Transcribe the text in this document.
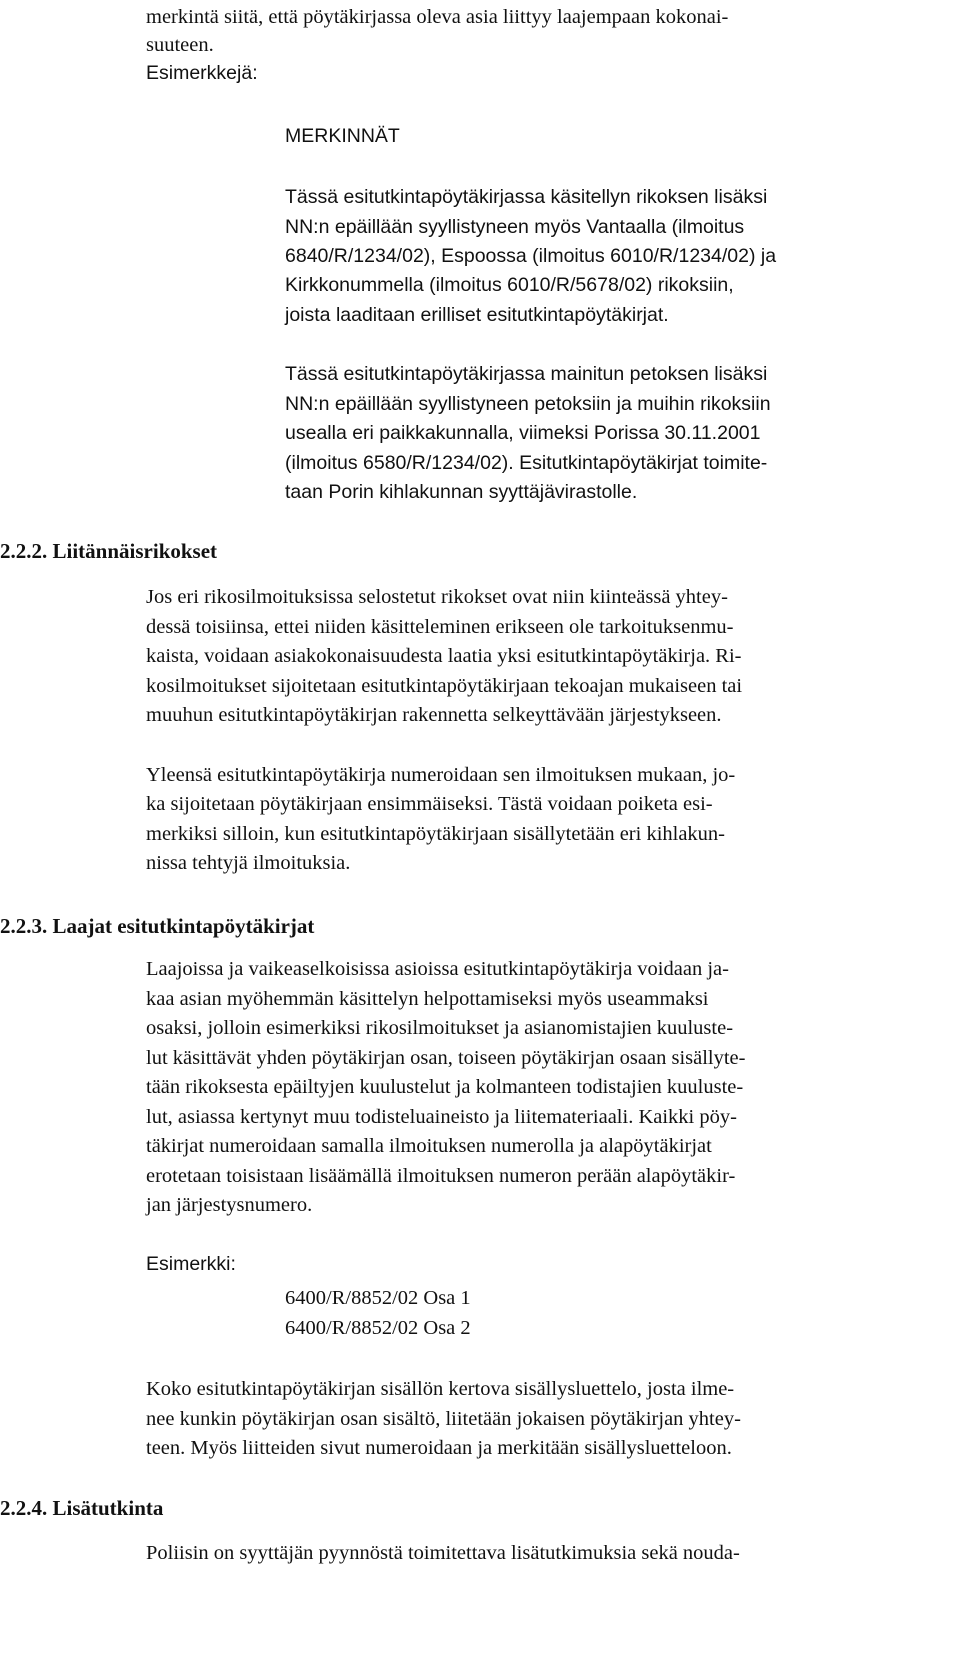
merkintä siitä, että pöytäkirjassa oleva asia liittyy laajempaan kokonai-
suuteen.
Esimerkkejä:
MERKINNÄT
Tässä esitutkintapöytäkirjassa käsitellyn rikoksen lisäksi
NN:n epäillään syyllistyneen myös Vantaalla (ilmoitus
6840/R/1234/02), Espoossa (ilmoitus 6010/R/1234/02) ja
Kirkkonummella (ilmoitus 6010/R/5678/02) rikoksiin,
joista laaditaan erilliset esitutkintapöytäkirjat.
Tässä esitutkintapöytäkirjassa mainitun petoksen lisäksi
NN:n epäillään syyllistyneen petoksiin ja muihin rikoksiin
usealla eri paikkakunnalla, viimeksi Porissa 30.11.2001
(ilmoitus 6580/R/1234/02). Esitutkintapöytäkirjat toimite-
taan Porin kihlakunnan syyttäjävirastolle.
2.2.2. Liitännäisrikokset
Jos eri rikosilmoituksissa selostetut rikokset ovat niin kiinteässä yhtey-
dessä toisiinsa, ettei niiden käsitteleminen erikseen ole tarkoituksenmu-
kaista, voidaan asiakokonaisuudesta laatia yksi esitutkintapöytäkirja. Ri-
kosilmoitukset sijoitetaan esitutkintapöytäkirjaan tekoajan mukaiseen tai
muuhun esitutkintapöytäkirjan rakennetta selkeyttävään järjestykseen.
Yleensä esitutkintapöytäkirja numeroidaan sen ilmoituksen mukaan, jo-
ka sijoitetaan pöytäkirjaan ensimmäiseksi. Tästä voidaan poiketa esi-
merkiksi silloin, kun esitutkintapöytäkirjaan sisällytetään eri kihlakun-
nissa tehtyjä ilmoituksia.
2.2.3. Laajat esitutkintapöytäkirjat
Laajoissa ja vaikeaselkoisissa asioissa esitutkintapöytäkirja voidaan ja-
kaa asian myöhemmän käsittelyn helpottamiseksi myös useammaksi
osaksi, jolloin esimerkiksi rikosilmoitukset ja asianomistajien kuuluste-
lut käsittävät yhden pöytäkirjan osan, toiseen pöytäkirjan osaan sisällyte-
tään rikoksesta epäiltyjen kuulustelut ja kolmanteen todistajien kuuluste-
lut, asiassa kertynyt muu todisteluaineisto ja liitemateriaali. Kaikki pöy-
täkirjat numeroidaan samalla ilmoituksen numerolla ja alapöytäkirjat
erotetaan toisistaan lisäämällä ilmoituksen numeron perään alapöytäkir-
jan järjestysnumero.
Esimerkki:
6400/R/8852/02 Osa 1
6400/R/8852/02 Osa 2
Koko esitutkintapöytäkirjan sisällön kertova sisällysluettelo, josta ilme-
nee kunkin pöytäkirjan osan sisältö, liitetään jokaisen pöytäkirjan yhtey-
teen. Myös liitteiden sivut numeroidaan ja merkitään sisällysluetteloon.
2.2.4. Lisätutkinta
Poliisin on syyttäjän pyynnöstä toimitettava lisätutkimuksia sekä nouda-
